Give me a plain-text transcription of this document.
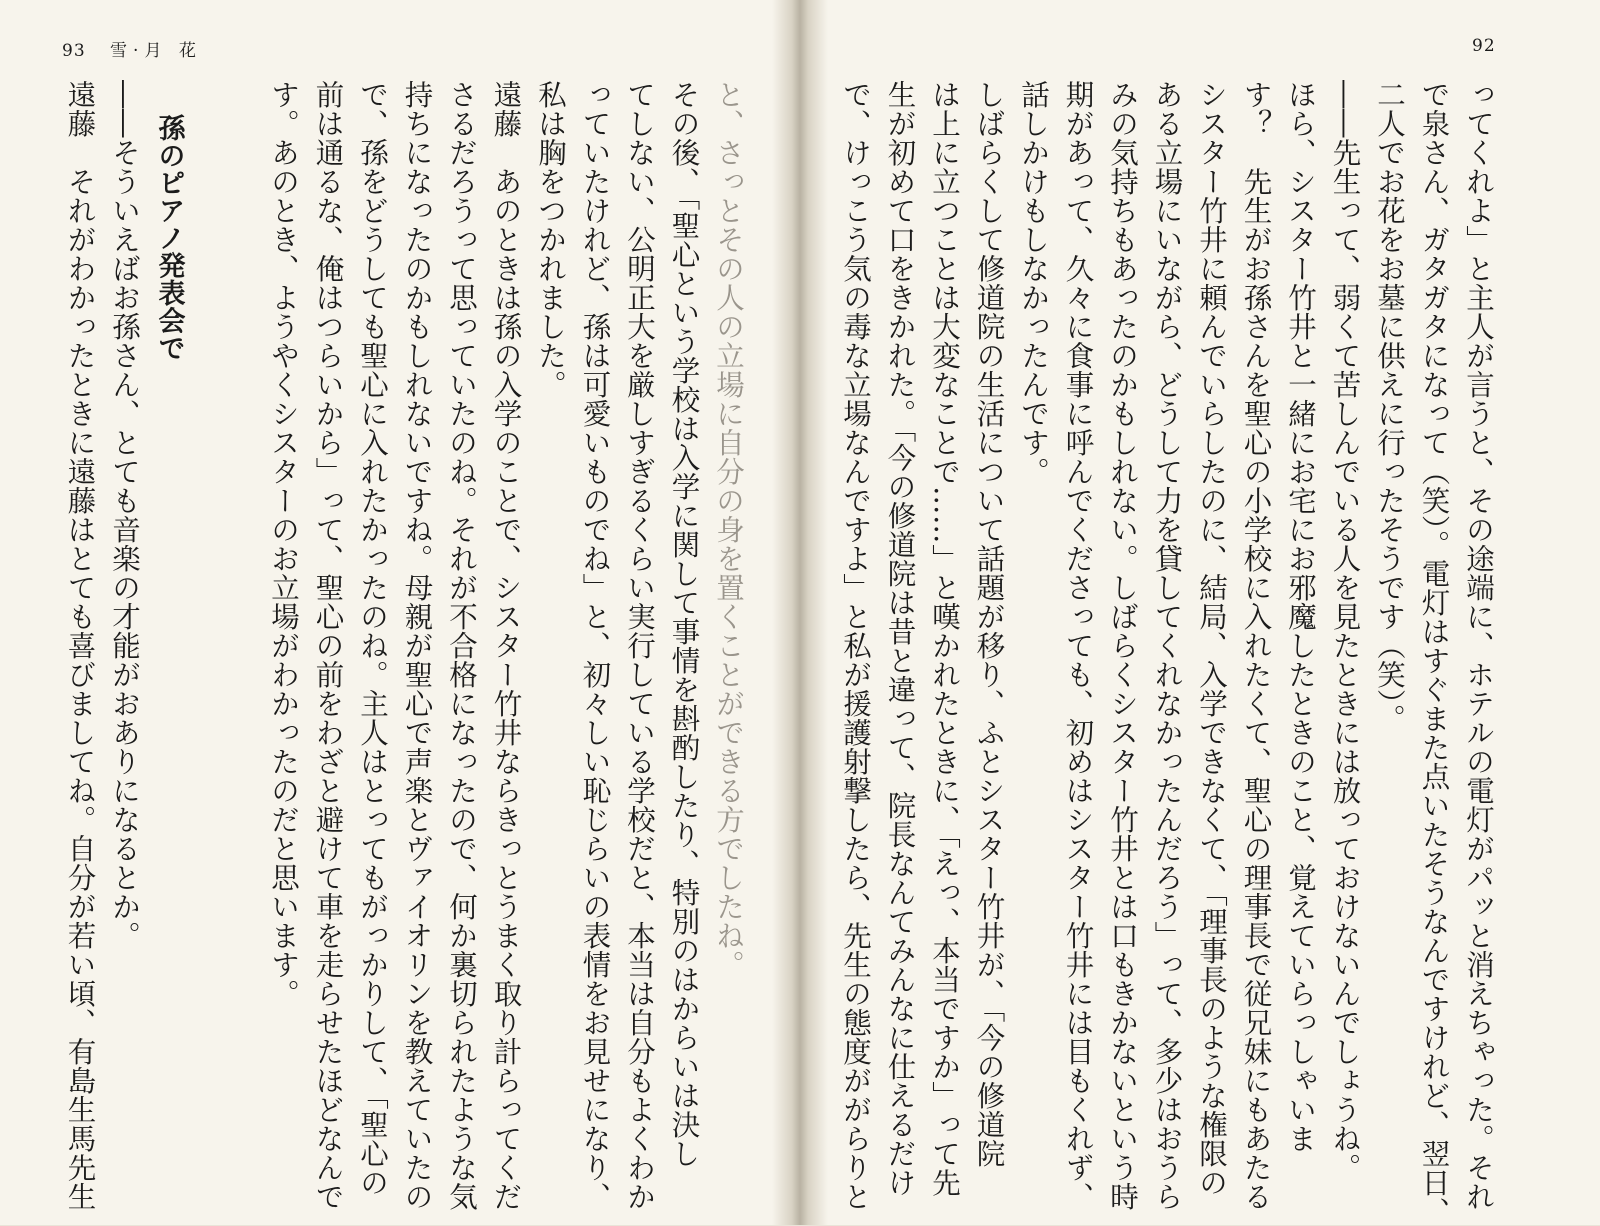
93 雪·月 花
と、さっとその人の立場に自分の身を置くことができる方でしたね。
その後、「聖心という学校は入学に関して事情を斟酌したり、特別のはからいは決し
てしない、公明正大を厳しすぎるくらい実行している学校だと、本当は自分もよくわか
っていたけれど、孫は可愛いものでね」と、初々しい恥じらいの表情をお見せになり、
私は胸をつかれました。
遠藤　あのときは孫の入学のことで、シスター竹井ならきっとうまく取り計らってくだ
さるだろうって思っていたのね。それが不合格になったので、何か裏切られたような気
持ちになったのかもしれないですね。母親が聖心で声楽とヴァイオリンを教えていたの
で、孫をどうしても聖心に入れたかったのね。主人はとってもがっかりして、「聖心の
前は通るな、俺はつらいから」って、聖心の前をわざと避けて車を走らせたほどなんで
す。あのとき、ようやくシスターのお立場がわかったのだと思います。
孫のピアノ発表会で
――そういえばお孫さん、とても音楽の才能がおありになるとか。
遠藤　それがわかったときに遠藤はとても喜びましてね。自分が若い頃、有島生馬先生
92
ってくれよ」と主人が言うと、その途端に、ホテルの電灯がパッと消えちゃった。それ
で泉さん、ガタガタになって（笑）。電灯はすぐまた点いたそうなんですけれど、翌日、
二人でお花をお墓に供えに行ったそうです（笑）。
――先生って、弱くて苦しんでいる人を見たときには放っておけないんでしょうね。
ほら、シスター竹井と一緒にお宅にお邪魔したときのこと、覚えていらっしゃいま
す？　先生がお孫さんを聖心の小学校に入れたくて、聖心の理事長で従兄妹にもあたる
シスター竹井に頼んでいらしたのに、結局、入学できなくて、「理事長のような権限の
ある立場にいながら、どうして力を貸してくれなかったんだろう」って、多少はおうら
みの気持ちもあったのかもしれない。しばらくシスター竹井とは口もきかないという時
期があって、久々に食事に呼んでくださっても、初めはシスター竹井には目もくれず、
話しかけもしなかったんです。
しばらくして修道院の生活について話題が移り、ふとシスター竹井が、「今の修道院
は上に立つことは大変なことで……」と嘆かれたときに、「えっ、本当ですか」って先
生が初めて口をきかれた。「今の修道院は昔と違って、院長なんてみんなに仕えるだけ
で、けっこう気の毒な立場なんですよ」と私が援護射撃したら、先生の態度ががらりと
